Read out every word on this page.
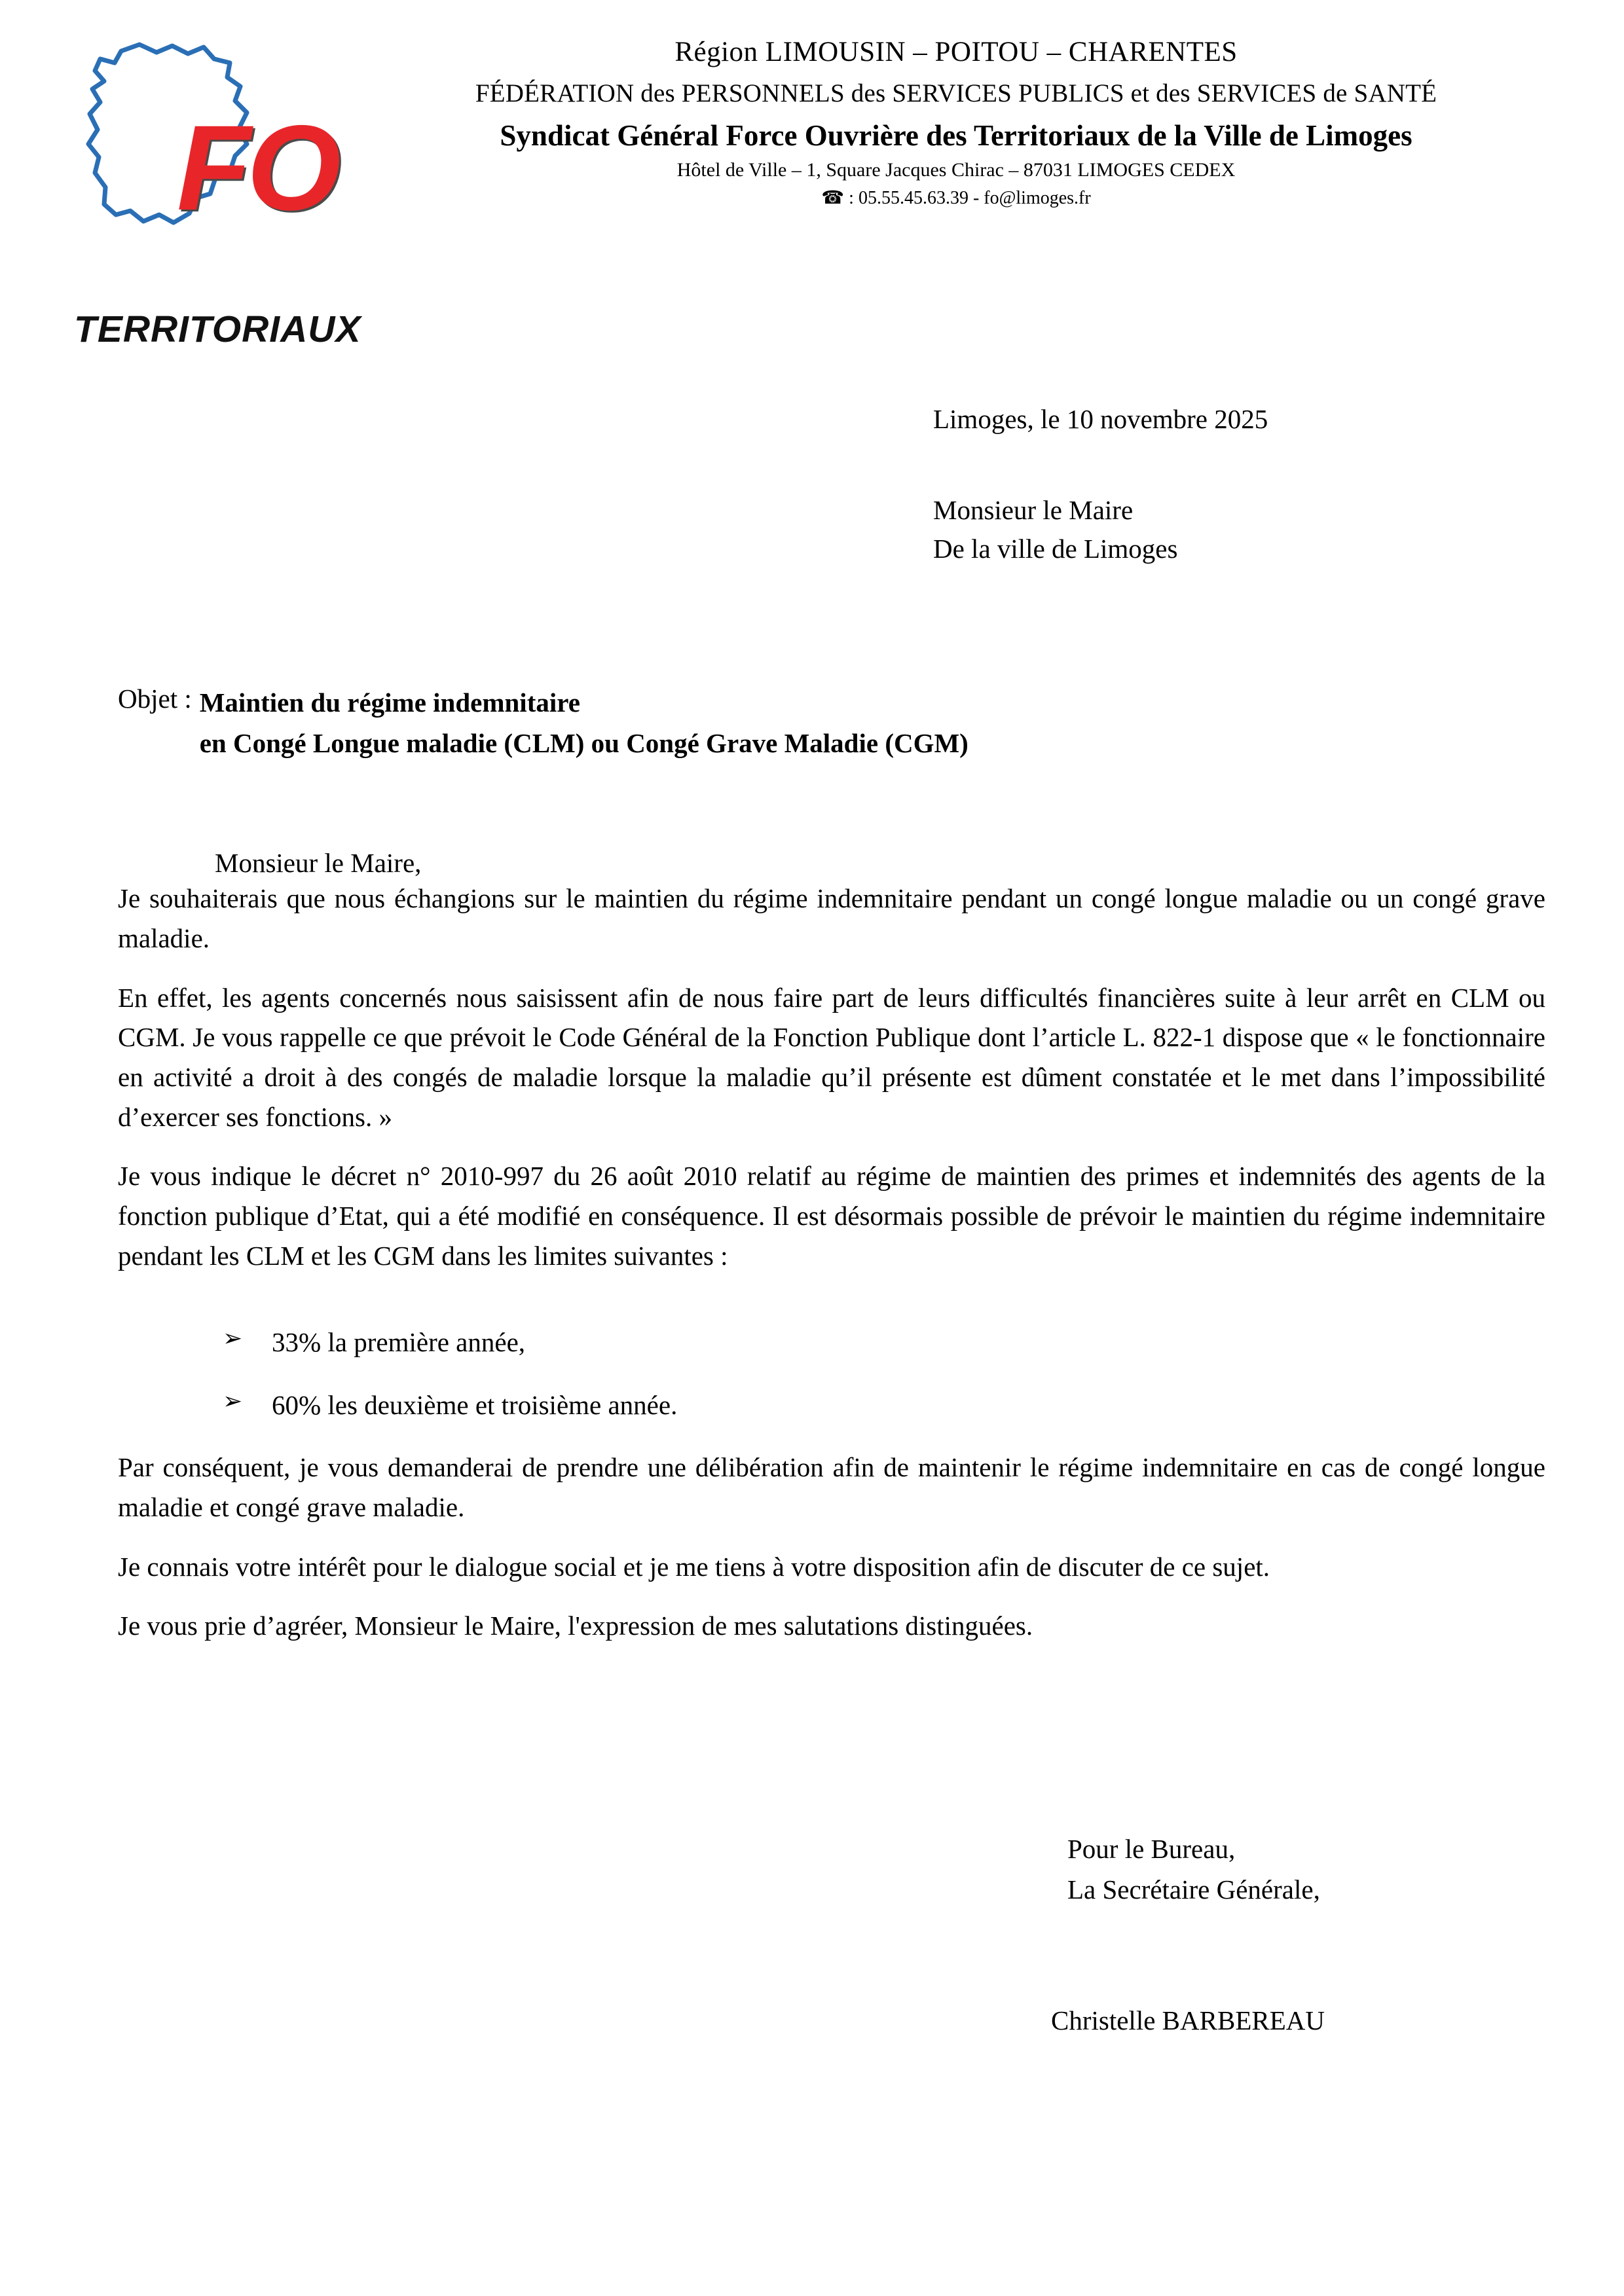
FO
TERRITORIAUX
Région LIMOUSIN – POITOU – CHARENTES
FÉDÉRATION des PERSONNELS des SERVICES PUBLICS et des SERVICES de SANTÉ
Syndicat Général Force Ouvrière des Territoriaux de la Ville de Limoges
Hôtel de Ville – 1, Square Jacques Chirac – 87031 LIMOGES CEDEX
☎ : 05.55.45.63.39 - fo@limoges.fr
Limoges, le 10 novembre 2025
Monsieur le Maire
De la ville de Limoges
Objet : Maintien du régime indemnitaire
en Congé Longue maladie (CLM) ou Congé Grave Maladie (CGM)
Monsieur le Maire,

Je souhaiterais que nous échangions sur le maintien du régime indemnitaire pendant un congé longue maladie ou un congé grave maladie.

En effet, les agents concernés nous saisissent afin de nous faire part de leurs difficultés financières suite à leur arrêt en CLM ou CGM. Je vous rappelle ce que prévoit le Code Général de la Fonction Publique dont l’article L. 822-1 dispose que « le fonctionnaire en activité a droit à des congés de maladie lorsque la maladie qu’il présente est dûment constatée et le met dans l’impossibilité d’exercer ses fonctions. »

Je vous indique le décret n° 2010-997 du 26 août 2010 relatif au régime de maintien des primes et indemnités des agents de la fonction publique d’Etat, qui a été modifié en conséquence. Il est désormais possible de prévoir le maintien du régime indemnitaire pendant les CLM et les CGM dans les limites suivantes :

➢ 33% la première année,
➢ 60% les deuxième et troisième année.

Par conséquent, je vous demanderai de prendre une délibération afin de maintenir le régime indemnitaire en cas de congé longue maladie et congé grave maladie.

Je connais votre intérêt pour le dialogue social et je me tiens à votre disposition afin de discuter de ce sujet.

Je vous prie d’agréer, Monsieur le Maire, l'expression de mes salutations distinguées.

Pour le Bureau,
La Secrétaire Générale,
Christelle BARBEREAU
